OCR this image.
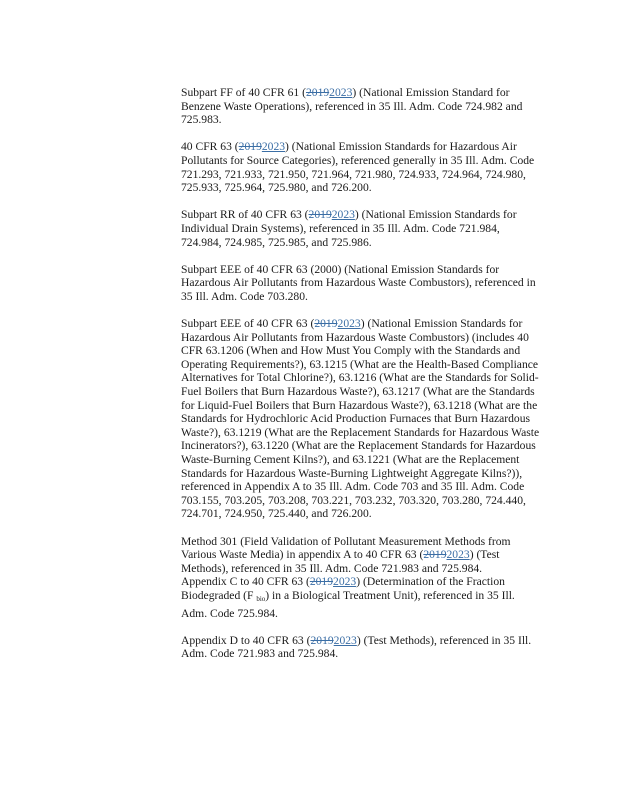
Subpart FF of 40 CFR 61 (20192023) (National Emission Standard for Benzene Waste Operations), referenced in 35 Ill. Adm. Code 724.982 and 725.983.

40 CFR 63 (20192023) (National Emission Standards for Hazardous Air Pollutants for Source Categories), referenced generally in 35 Ill. Adm. Code 721.293, 721.933, 721.950, 721.964, 721.980, 724.933, 724.964, 724.980, 725.933, 725.964, 725.980, and 726.200.

Subpart RR of 40 CFR 63 (20192023) (National Emission Standards for Individual Drain Systems), referenced in 35 Ill. Adm. Code 721.984, 724.984, 724.985, 725.985, and 725.986.

Subpart EEE of 40 CFR 63 (2000) (National Emission Standards for Hazardous Air Pollutants from Hazardous Waste Combustors), referenced in 35 Ill. Adm. Code 703.280.

Subpart EEE of 40 CFR 63 (20192023) (National Emission Standards for Hazardous Air Pollutants from Hazardous Waste Combustors) (includes 40 CFR 63.1206 (When and How Must You Comply with the Standards and Operating Requirements?), 63.1215 (What are the Health-Based Compliance Alternatives for Total Chlorine?), 63.1216 (What are the Standards for Solid-Fuel Boilers that Burn Hazardous Waste?), 63.1217 (What are the Standards for Liquid-Fuel Boilers that Burn Hazardous Waste?), 63.1218 (What are the Standards for Hydrochloric Acid Production Furnaces that Burn Hazardous Waste?), 63.1219 (What are the Replacement Standards for Hazardous Waste Incinerators?), 63.1220 (What are the Replacement Standards for Hazardous Waste-Burning Cement Kilns?), and 63.1221 (What are the Replacement Standards for Hazardous Waste-Burning Lightweight Aggregate Kilns?)), referenced in Appendix A to 35 Ill. Adm. Code 703 and 35 Ill. Adm. Code 703.155, 703.205, 703.208, 703.221, 703.232, 703.320, 703.280, 724.440, 724.701, 724.950, 725.440, and 726.200.

Method 301 (Field Validation of Pollutant Measurement Methods from Various Waste Media) in appendix A to 40 CFR 63 (20192023) (Test Methods), referenced in 35 Ill. Adm. Code 721.983 and 725.984.
Appendix C to 40 CFR 63 (20192023) (Determination of the Fraction Biodegraded (F $_{bio}$) in a Biological Treatment Unit), referenced in 35 Ill. Adm. Code 725.984.

Appendix D to 40 CFR 63 (20192023) (Test Methods), referenced in 35 Ill. Adm. Code 721.983 and 725.984.
